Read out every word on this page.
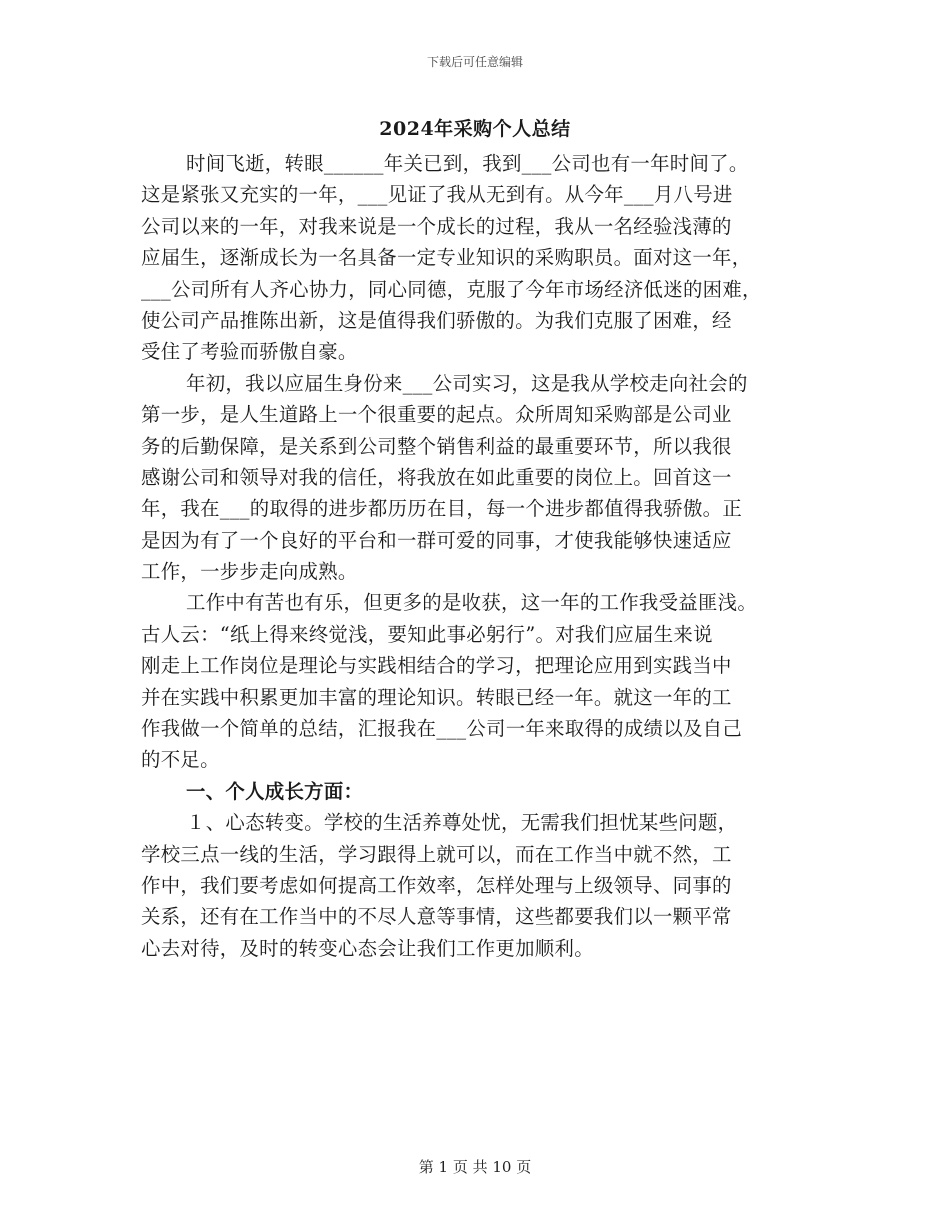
下载后可任意编辑
2024年采购个人总结
时间飞逝，转眼______年关已到，我到___公司也有一年时间了。
这是紧张又充实的一年，___见证了我从无到有。从今年___月八号进
公司以来的一年，对我来说是一个成长的过程，我从一名经验浅薄的
应届生，逐渐成长为一名具备一定专业知识的采购职员。面对这一年，
___公司所有人齐心协力，同心同德，克服了今年市场经济低迷的困难，
使公司产品推陈出新，这是值得我们骄傲的。为我们克服了困难，经
受住了考验而骄傲自豪。
年初，我以应届生身份来___公司实习，这是我从学校走向社会的
第一步，是人生道路上一个很重要的起点。众所周知采购部是公司业
务的后勤保障，是关系到公司整个销售利益的最重要环节，所以我很
感谢公司和领导对我的信任，将我放在如此重要的岗位上。回首这一
年，我在___的取得的进步都历历在目，每一个进步都值得我骄傲。正
是因为有了一个良好的平台和一群可爱的同事，才使我能够快速适应
工作，一步步走向成熟。
工作中有苦也有乐，但更多的是收获，这一年的工作我受益匪浅。
古人云：“纸上得来终觉浅，要知此事必躬行”。对我们应届生来说
刚走上工作岗位是理论与实践相结合的学习，把理论应用到实践当中
并在实践中积累更加丰富的理论知识。转眼已经一年。就这一年的工
作我做一个简单的总结，汇报我在___公司一年来取得的成绩以及自己
的不足。
一、个人成长方面：
１、心态转变。学校的生活养尊处忧，无需我们担忧某些问题，
学校三点一线的生活，学习跟得上就可以，而在工作当中就不然，工
作中，我们要考虑如何提高工作效率，怎样处理与上级领导、同事的
关系，还有在工作当中的不尽人意等事情，这些都要我们以一颗平常
心去对待，及时的转变心态会让我们工作更加顺利。
第 1 页 共 10 页
